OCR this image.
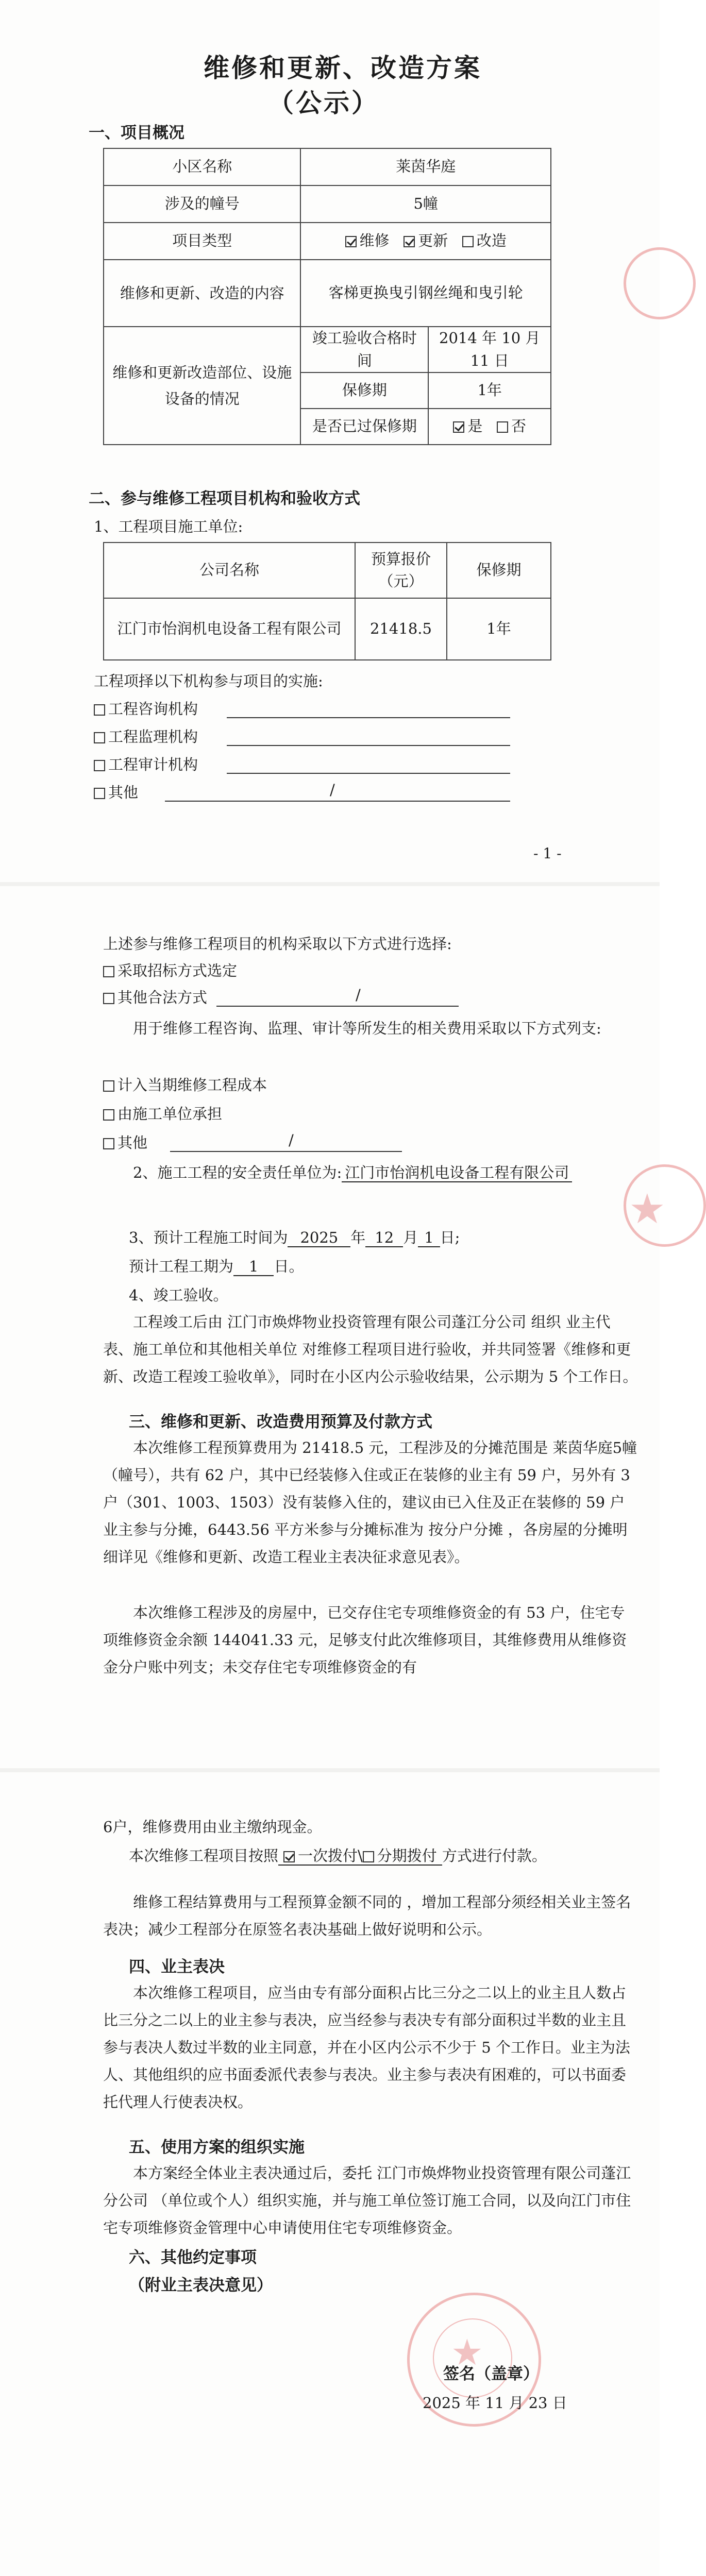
维修和更新、改造方案
（公示）
一、项目概况
小区名称	莱茵华庭	
涉及的幢号	5幢	
项目类型	维修 更新 改造	
维修和更新、改造的内容	客梯更换曳引钢丝绳和曳引轮	
维修和更新改造部位、设施设备的情况	竣工验收合格时间	2014 年 10 月 11 日
	保修期	1年
	是否已过保修期	是 否
二、参与维修工程项目机构和验收方式
1、工程项目施工单位:
公司名称	预算报价（元）	保修期
江门市怡润机电设备工程有限公司	21418.5	1年
工程项择以下机构参与项目的实施:
工程咨询机构
工程监理机构
工程审计机构
其他	/
- 1 -
上述参与维修工程项目的机构采取以下方式进行选择:
采取招标方式选定
其他合法方式	/
用于维修工程咨询、监理、审计等所发生的相关费用采取以下方式列支:
计入当期维修工程成本
由施工单位承担
其他	/
2、施工工程的安全责任单位为: 江门市怡润机电设备工程有限公司
3、预计工程施工时间为 2025 年 12 月 1 日;
预计工程工期为 1 日。
4、竣工验收。
工程竣工后由 江门市焕烨物业投资管理有限公司蓬江分公司 组织 业主代表、施工单位和其他相关单位 对维修工程项目进行验收，并共同签署《维修和更新、改造工程竣工验收单》，同时在小区内公示验收结果，公示期为 5 个工作日。
三、维修和更新、改造费用预算及付款方式
本次维修工程预算费用为 21418.5 元，工程涉及的分摊范围是 莱茵华庭5幢（幢号），共有 62 户，其中已经装修入住或正在装修的业主有 59 户，另外有 3 户（301、1003、1503）没有装修入住的，建议由已入住及正在装修的 59 户业主参与分摊，6443.56 平方米参与分摊标准为 按分户分摊 ，各房屋的分摊明细详见《维修和更新、改造工程业主表决征求意见表》。
本次维修工程涉及的房屋中，已交存住宅专项维修资金的有 53 户，住宅专项维修资金余额 144041.33 元，足够支付此次维修项目，其维修费用从维修资金分户账中列支；未交存住宅专项维修资金的有
★
6户，维修费用由业主缴纳现金。
本次维修工程项目按照 一次拨付\ 分期拨付 方式进行付款。
维修工程结算费用与工程预算金额不同的 ，增加工程部分须经相关业主签名表决；减少工程部分在原签名表决基础上做好说明和公示。
四、业主表决
本次维修工程项目，应当由专有部分面积占比三分之二以上的业主且人数占比三分之二以上的业主参与表决，应当经参与表决专有部分面积过半数的业主且参与表决人数过半数的业主同意，并在小区内公示不少于 5 个工作日。业主为法人、其他组织的应书面委派代表参与表决。业主参与表决有困难的，可以书面委托代理人行使表决权。
五、使用方案的组织实施
本方案经全体业主表决通过后，委托 江门市焕烨物业投资管理有限公司蓬江分公司 （单位或个人）组织实施，并与施工单位签订施工合同，以及向江门市住宅专项维修资金管理中心申请使用住宅专项维修资金。
六、其他约定事项
（附业主表决意见）
★
签名（盖章）
2025 年 11 月 23 日
